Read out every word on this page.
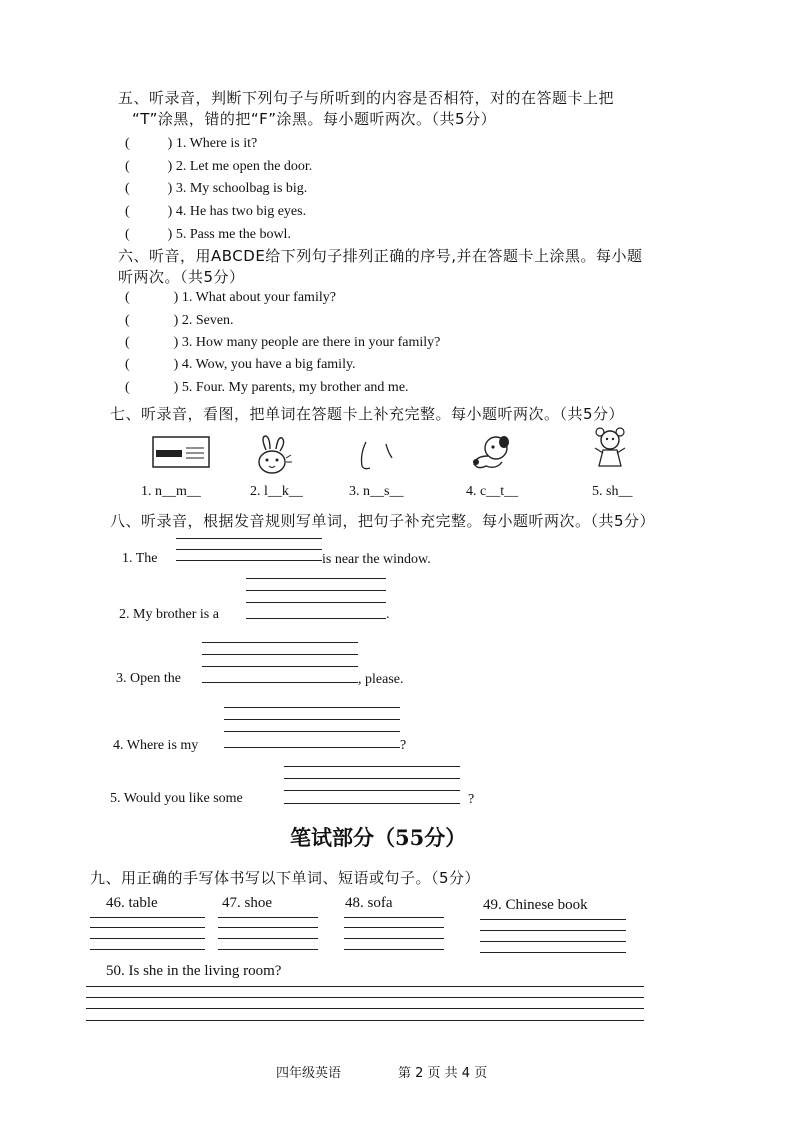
五、听录音，判断下列句子与所听到的内容是否相符，对的在答题卡上把
“T”涂黑，错的把“F”涂黑。每小题听两次。（共5分）
(	) 1. Where is it?
(	) 2. Let me open the door.
(	) 3. My schoolbag is big.
(	) 4. He has two big eyes.
(	) 5. Pass me the bowl.
六、听音，用ABCDE给下列句子排列正确的序号,并在答题卡上涂黑。每小题
听两次。（共5分）
(	) 1. What about your family?
(	) 2. Seven.
(	) 3. How many people are there in your family?
(	) 4. Wow, you have a big family.
(	) 5. Four. My parents, my brother and me.
七、听录音，看图，把单词在答题卡上补充完整。每小题听两次。（共5分）
1. n__m__	2. l__k__	3. n__s__	4. c__t__	5. sh__
八、听录音，根据发音规则写单词，把句子补充完整。每小题听两次。（共5分）
1. The	is near the window.
2. My brother is a	.
3. Open the	, please.
4. Where is my	?
5. Would you like some	?
笔试部分（55分）
九、用正确的手写体书写以下单词、短语或句子。（5分）
46. table	47. shoe	48. sofa	49. Chinese book
50. Is she in the living room?
四年级英语	第 2 页 共 4 页
